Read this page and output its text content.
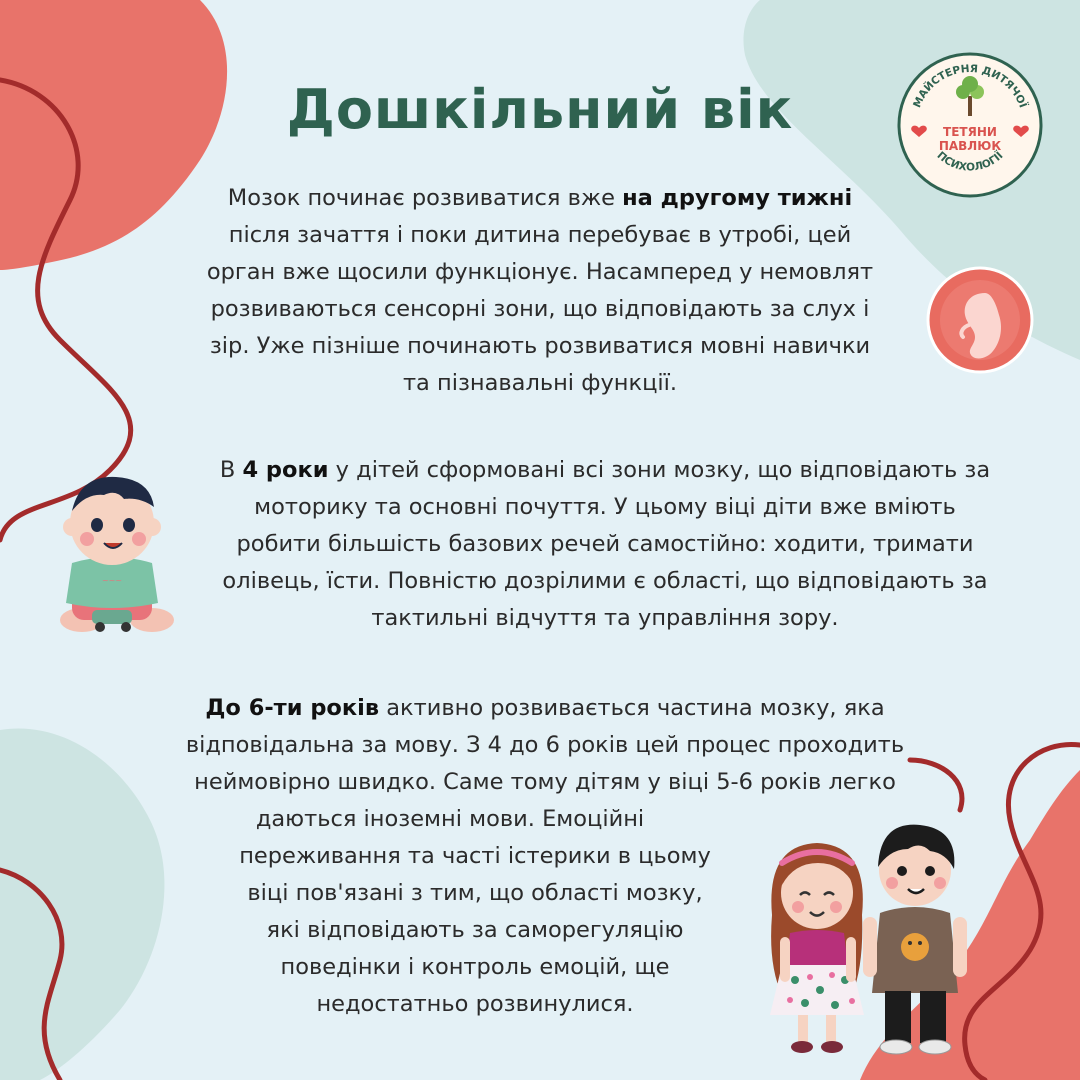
Дошкільний вік	МАЙСТЕРНЯ ДИТЯЧОЇ
ПСИХОЛОГІЇ
ТЕТЯНИ
ПАВЛЮК
Мозок починає розвиватися вже на другому тижні
після зачаття і поки дитина перебуває в утробі, цей
орган вже щосили функціонує. Насамперед у немовлят
розвиваються сенсорні зони, що відповідають за слух і
зір. Уже пізніше починають розвиватися мовні навички
та пізнавальні функції.
В 4 роки у дітей сформовані всі зони мозку, що відповідають за
моторику та основні почуття. У цьому віці діти вже вміють
робити більшість базових речей самостійно: ходити, тримати
олівець, їсти. Повністю дозрілими є області, що відповідають за
тактильні відчуття та управління зору.
~~~
До 6-ти років активно розвивається частина мозку, яка
відповідальна за мову. З 4 до 6 років цей процес проходить
неймовірно швидко. Саме тому дітям у віці 5-6 років легко
даються іноземні мови. Емоційні
переживання та часті істерики в цьому
віці пов'язані з тим, що області мозку,
які відповідають за саморегуляцію
поведінки і контроль емоцій, ще
недостатньо розвинулися.
